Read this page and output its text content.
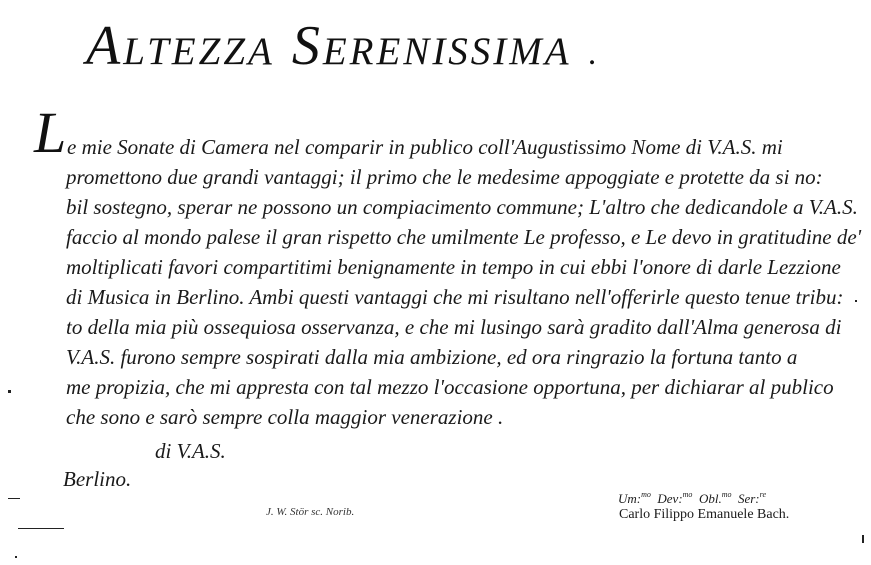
Altezza Serenissima .
L e mie Sonate di Camera nel comparir in publico coll'Augustissimo Nome di V.A.S. mi
promettono due grandi vantaggi; il primo che le medesime appoggiate e protette da si no:
bil sostegno, sperar ne possono un compiacimento commune; L'altro che dedicandole a V.A.S.
faccio al mondo palese il gran rispetto che umilmente Le professo, e Le devo in gratitudine de'
moltiplicati favori compartitimi benignamente in tempo in cui ebbi l'onore di darle Lezzione
di Musica in Berlino. Ambi questi vantaggi che mi risultano nell'offerirle questo tenue tribu:
to della mia più ossequiosa osservanza, e che mi lusingo sarà gradito dall'Alma generosa di
V.A.S. furono sempre sospirati dalla mia ambizione, ed ora ringrazio la fortuna tanto a
me propizia, che mi appresta con tal mezzo l'occasione opportuna, per dichiarar al publico
che sono e sarò sempre colla maggior venerazione .
di V.A.S.
Berlino.
J. W. Stör sc. Norib.
Um:$^{mo}$ Dev:$^{mo}$ Obl.$^{mo}$ Ser:$^{re}$
Carlo Filippo Emanuele Bach.
